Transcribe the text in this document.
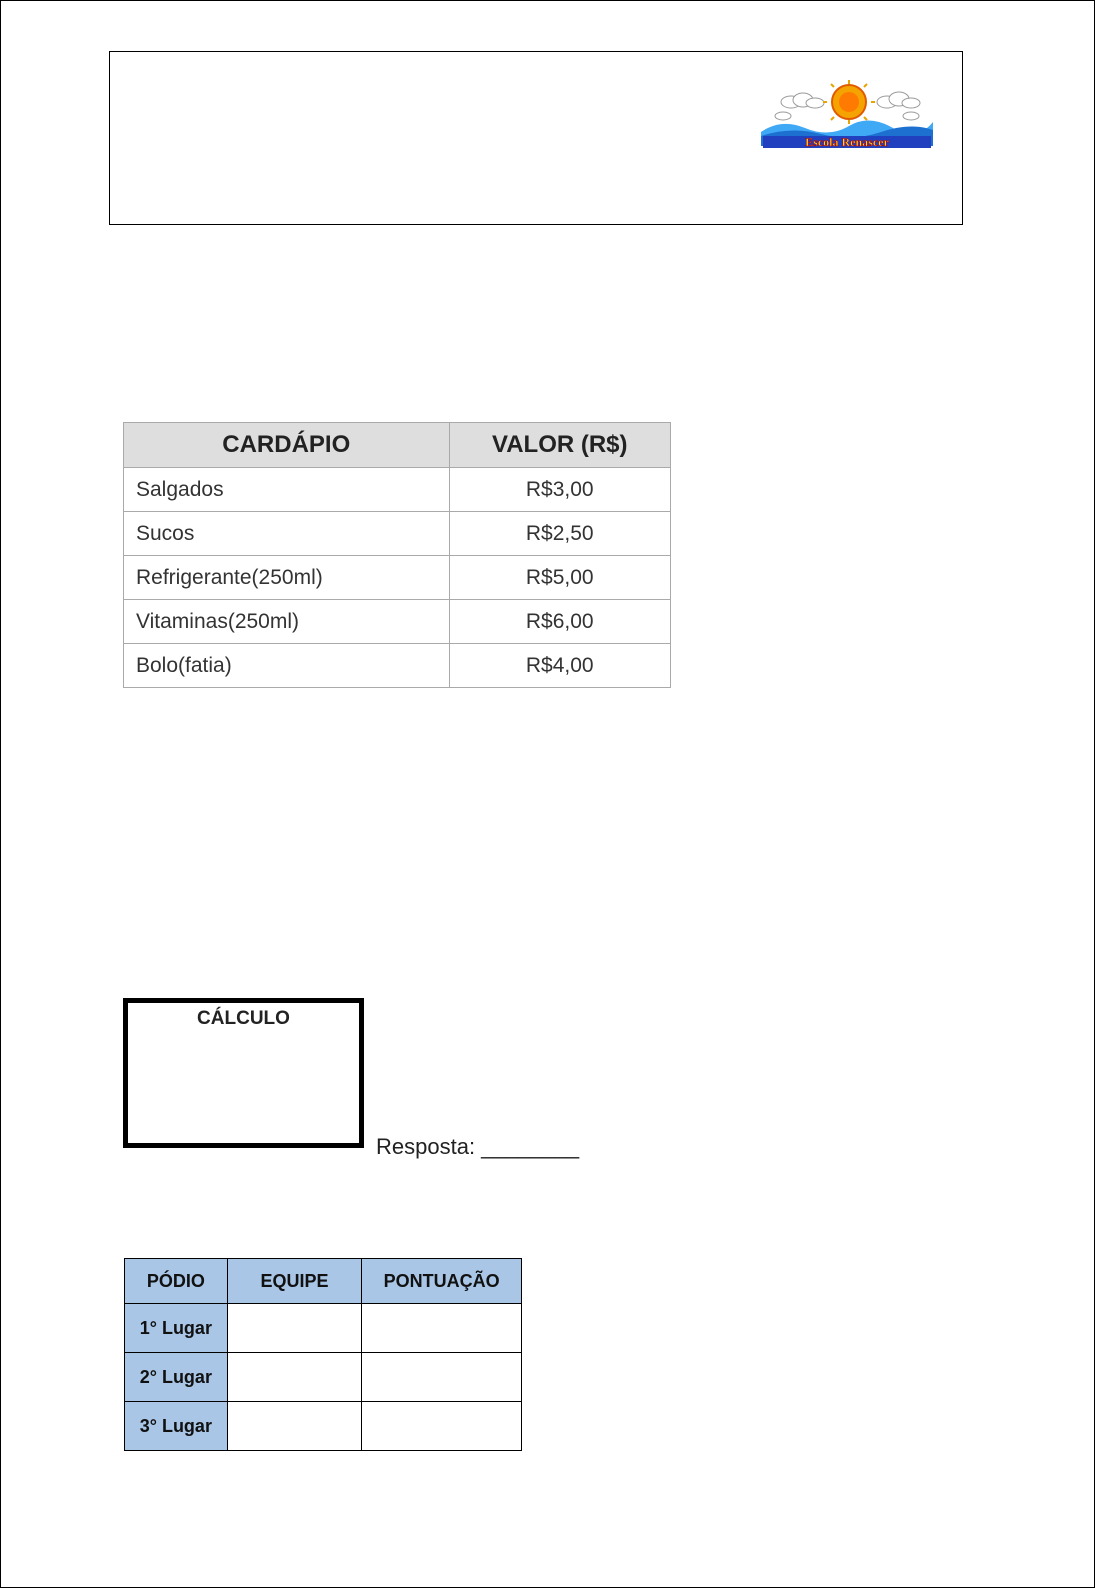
Escola Renascer
CARDÁPIO	VALOR (R$)
Salgados	R$3,00
Sucos	R$2,50
Refrigerante(250ml)	R$5,00
Vitaminas(250ml)	R$6,00
Bolo(fatia)	R$4,00
CÁLCULO
Resposta: ________
PÓDIO	EQUIPE	PONTUAÇÃO
1° Lugar		
2° Lugar		
3° Lugar		
